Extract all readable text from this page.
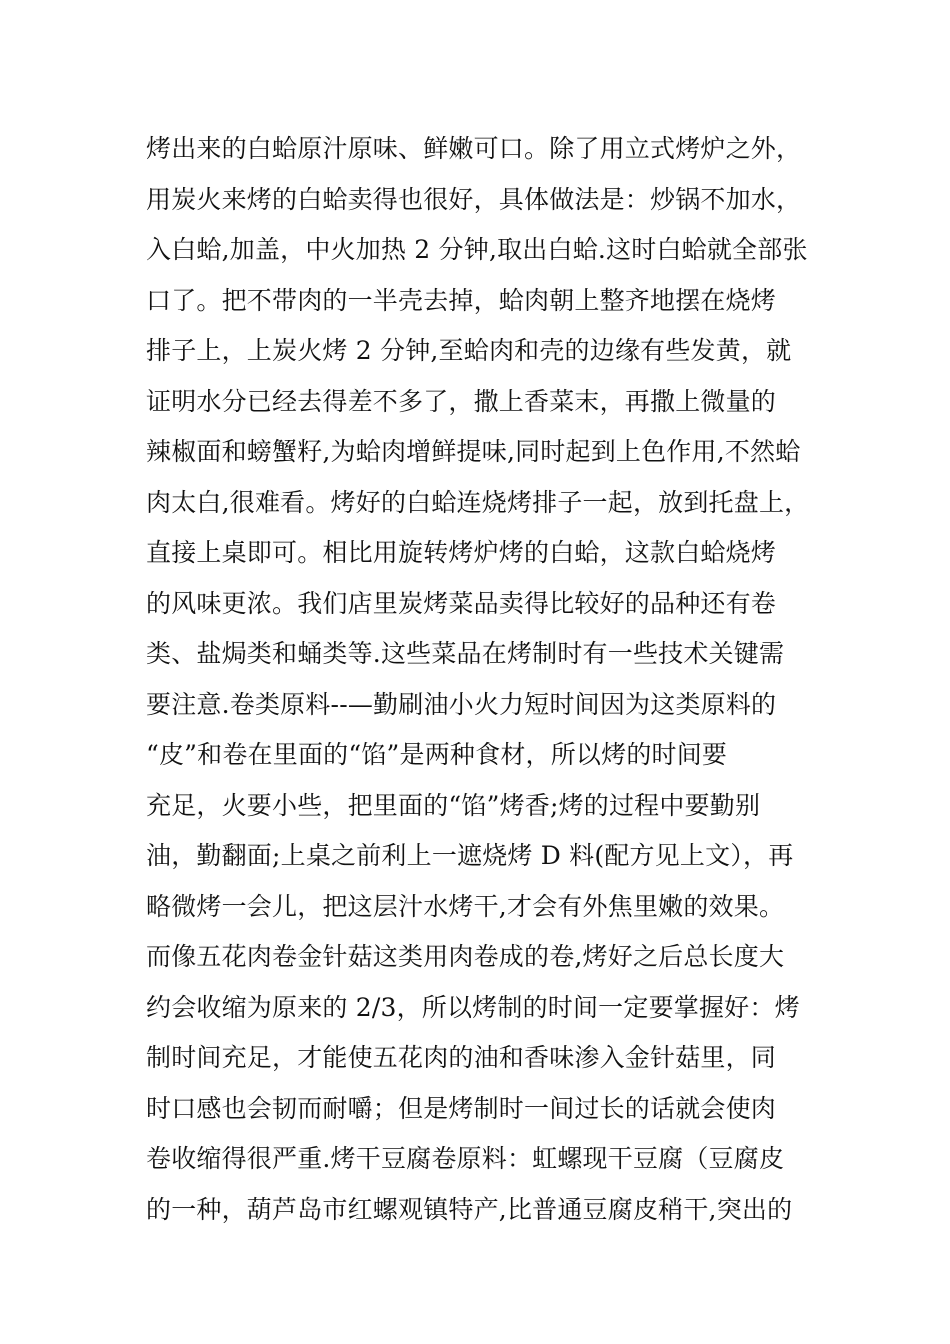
烤出来的白蛤原汁原味、鲜嫩可口。除了用立式烤炉之外，
用炭火来烤的白蛤卖得也很好，具体做法是：炒锅不加水，
入白蛤,加盖，中火加热 2 分钟,取出白蛤.这时白蛤就全部张
口了。把不带肉的一半壳去掉，蛤肉朝上整齐地摆在烧烤
排子上，上炭火烤 2 分钟,至蛤肉和壳的边缘有些发黄，就
证明水分已经去得差不多了，撒上香菜末，再撒上微量的
辣椒面和螃蟹籽,为蛤肉增鲜提味,同时起到上色作用,不然蛤
肉太白,很难看。烤好的白蛤连烧烤排子一起，放到托盘上，
直接上桌即可。相比用旋转烤炉烤的白蛤，这款白蛤烧烤
的风味更浓。我们店里炭烤菜品卖得比较好的品种还有卷
类、盐焗类和蛹类等.这些菜品在烤制时有一些技术关键需
要注意.卷类原料--—勤刷油小火力短时间因为这类原料的
“皮”和卷在里面的“馅”是两种食材，所以烤的时间要
充足，火要小些，把里面的“馅”烤香;烤的过程中要勤别
油，勤翻面;上桌之前利上一遮烧烤 D 料(配方见上文），再
略微烤一会儿，把这层汁水烤干,才会有外焦里嫩的效果。
而像五花肉卷金针菇这类用肉卷成的卷,烤好之后总长度大
约会收缩为原来的 2/3，所以烤制的时间一定要掌握好：烤
制时间充足，才能使五花肉的油和香味渗入金针菇里，同
时口感也会韧而耐嚼；但是烤制时一间过长的话就会使肉
卷收缩得很严重.烤干豆腐卷原料：虹螺现干豆腐（豆腐皮
的一种，葫芦岛市红螺观镇特产,比普通豆腐皮稍干,突出的
